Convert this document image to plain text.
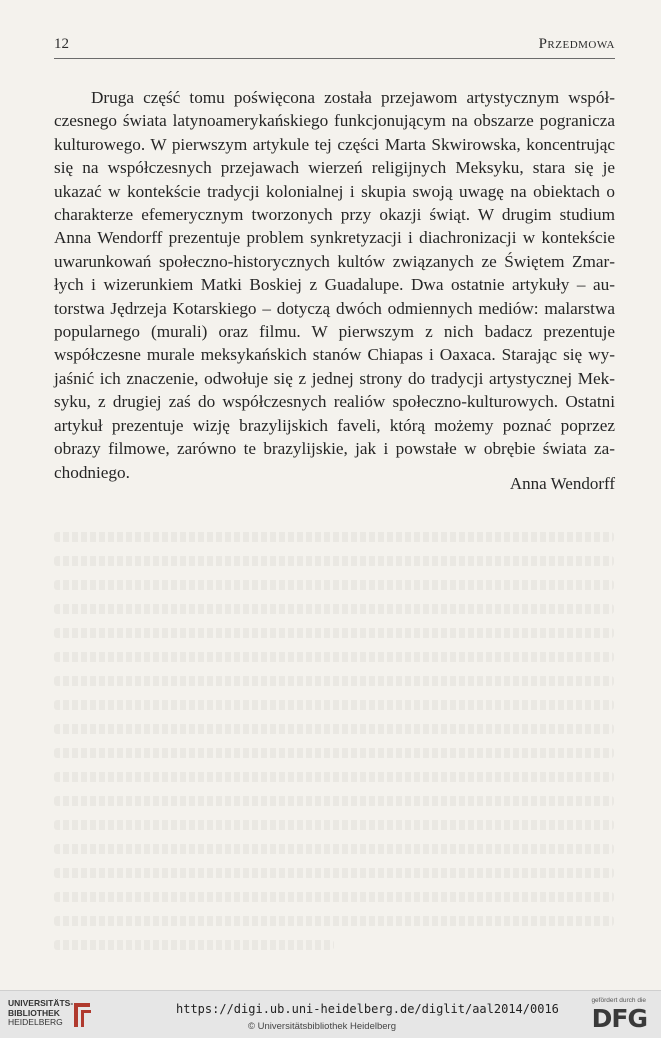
12	Przedmowa

Druga część tomu poświęcona została przejawom artystycznym współczesnego świata latynoamerykańskiego funkcjonującym na obszarze pogranicza kulturowego. W pierwszym artykule tej części Marta Skwirowska, koncentrując się na współczesnych przejawach wierzeń religijnych Meksyku, stara się je ukazać w kontekście tradycji kolonialnej i skupia swoją uwagę na obiektach o charakterze efemerycznym tworzonych przy okazji świąt. W drugim studium Anna Wendorff prezentuje problem synkretyzacji i diachronizacji w kontekście uwarunkowań społeczno-historycznych kultów związanych ze Świętem Zmarłych i wizerunkiem Matki Boskiej z Guadalupe. Dwa ostatnie artykuły – autorstwa Jędrzeja Kotarskiego – dotyczą dwóch odmiennych mediów: malarstwa popularnego (murali) oraz filmu. W pierwszym z nich badacz prezentuje współczesne murale meksykańskich stanów Chiapas i Oaxaca. Starając się wyjaśnić ich znaczenie, odwołuje się z jednej strony do tradycji artystycznej Meksyku, z drugiej zaś do współczesnych realiów społeczno-kulturowych. Ostatni artykuł prezentuje wizję brazylijskich faveli, którą możemy poznać poprzez obrazy filmowe, zarówno te brazylijskie, jak i powstałe w obrębie świata zachodniego.

Anna Wendorff
UNIVERSITÄTS-
BIBLIOTHEK
HEIDELBERG
https://digi.ub.uni-heidelberg.de/diglit/aal2014/0016
© Universitätsbibliothek Heidelberg
gefördert durch die
DFG
